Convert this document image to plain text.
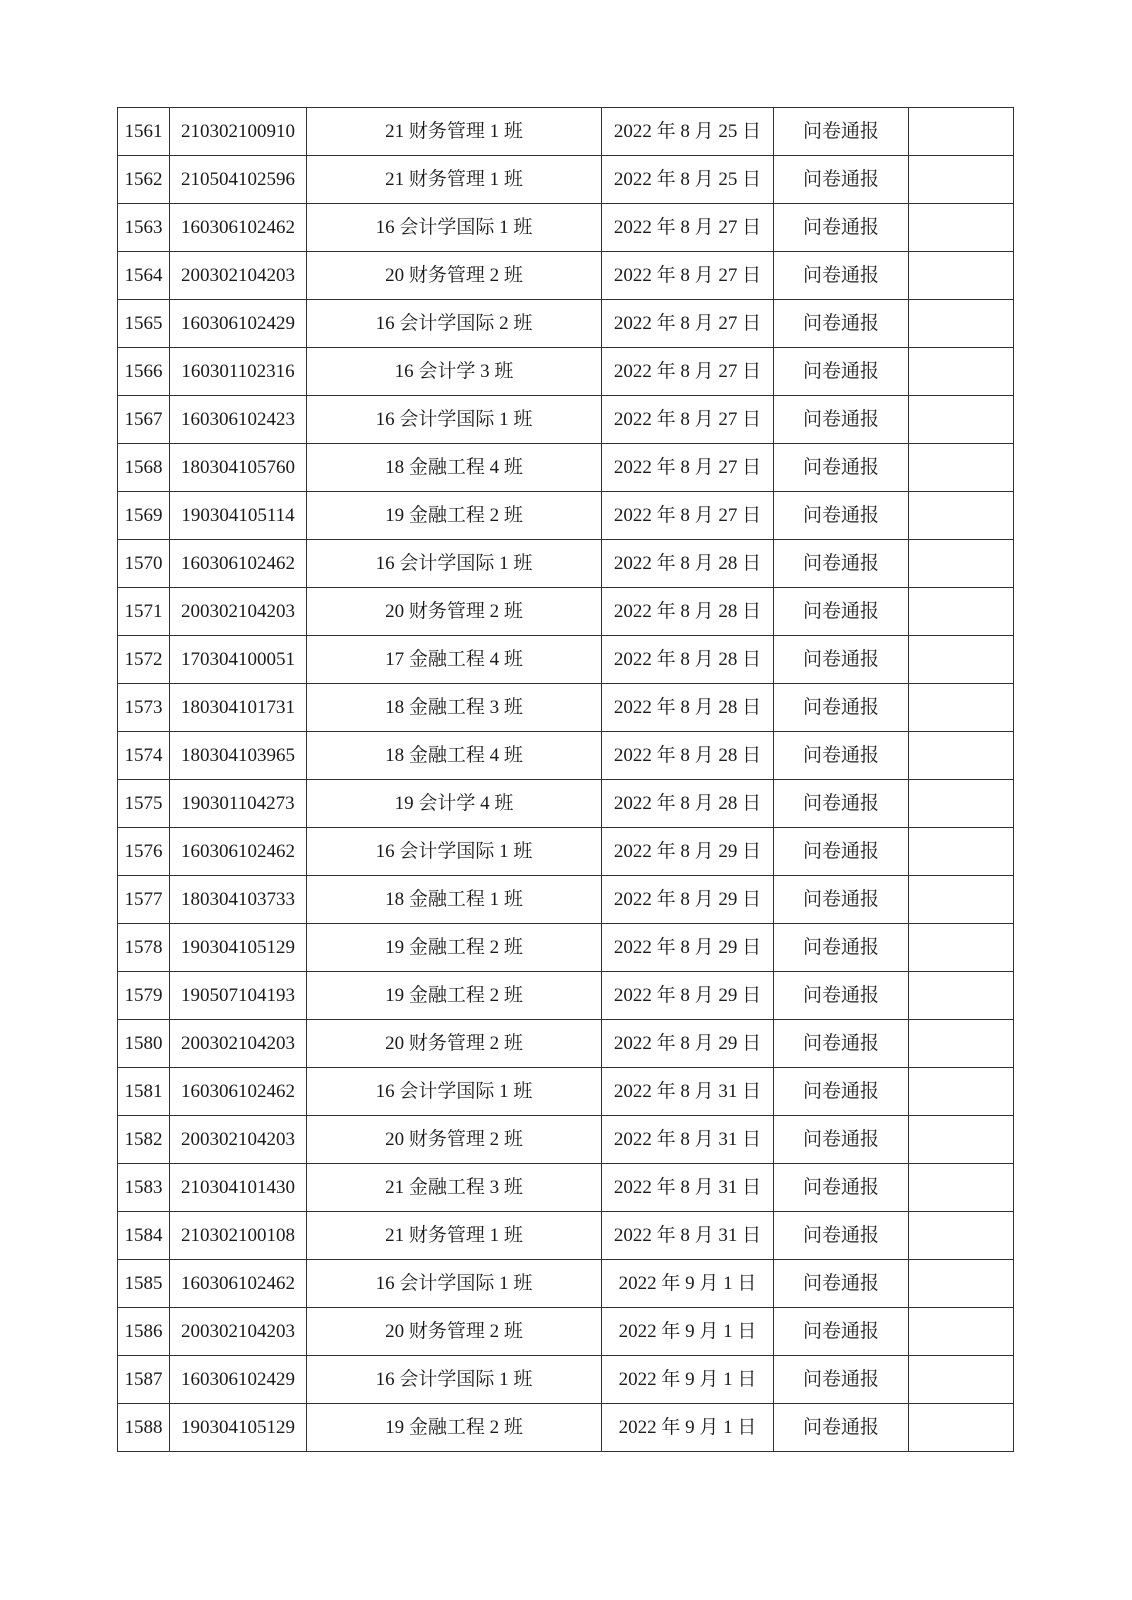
1561	210302100910	21 财务管理 1 班	2022 年 8 月 25 日	问卷通报	
1562	210504102596	21 财务管理 1 班	2022 年 8 月 25 日	问卷通报	
1563	160306102462	16 会计学国际 1 班	2022 年 8 月 27 日	问卷通报	
1564	200302104203	20 财务管理 2 班	2022 年 8 月 27 日	问卷通报	
1565	160306102429	16 会计学国际 2 班	2022 年 8 月 27 日	问卷通报	
1566	160301102316	16 会计学 3 班	2022 年 8 月 27 日	问卷通报	
1567	160306102423	16 会计学国际 1 班	2022 年 8 月 27 日	问卷通报	
1568	180304105760	18 金融工程 4 班	2022 年 8 月 27 日	问卷通报	
1569	190304105114	19 金融工程 2 班	2022 年 8 月 27 日	问卷通报	
1570	160306102462	16 会计学国际 1 班	2022 年 8 月 28 日	问卷通报	
1571	200302104203	20 财务管理 2 班	2022 年 8 月 28 日	问卷通报	
1572	170304100051	17 金融工程 4 班	2022 年 8 月 28 日	问卷通报	
1573	180304101731	18 金融工程 3 班	2022 年 8 月 28 日	问卷通报	
1574	180304103965	18 金融工程 4 班	2022 年 8 月 28 日	问卷通报	
1575	190301104273	19 会计学 4 班	2022 年 8 月 28 日	问卷通报	
1576	160306102462	16 会计学国际 1 班	2022 年 8 月 29 日	问卷通报	
1577	180304103733	18 金融工程 1 班	2022 年 8 月 29 日	问卷通报	
1578	190304105129	19 金融工程 2 班	2022 年 8 月 29 日	问卷通报	
1579	190507104193	19 金融工程 2 班	2022 年 8 月 29 日	问卷通报	
1580	200302104203	20 财务管理 2 班	2022 年 8 月 29 日	问卷通报	
1581	160306102462	16 会计学国际 1 班	2022 年 8 月 31 日	问卷通报	
1582	200302104203	20 财务管理 2 班	2022 年 8 月 31 日	问卷通报	
1583	210304101430	21 金融工程 3 班	2022 年 8 月 31 日	问卷通报	
1584	210302100108	21 财务管理 1 班	2022 年 8 月 31 日	问卷通报	
1585	160306102462	16 会计学国际 1 班	2022 年 9 月 1 日	问卷通报	
1586	200302104203	20 财务管理 2 班	2022 年 9 月 1 日	问卷通报	
1587	160306102429	16 会计学国际 1 班	2022 年 9 月 1 日	问卷通报	
1588	190304105129	19 金融工程 2 班	2022 年 9 月 1 日	问卷通报	
